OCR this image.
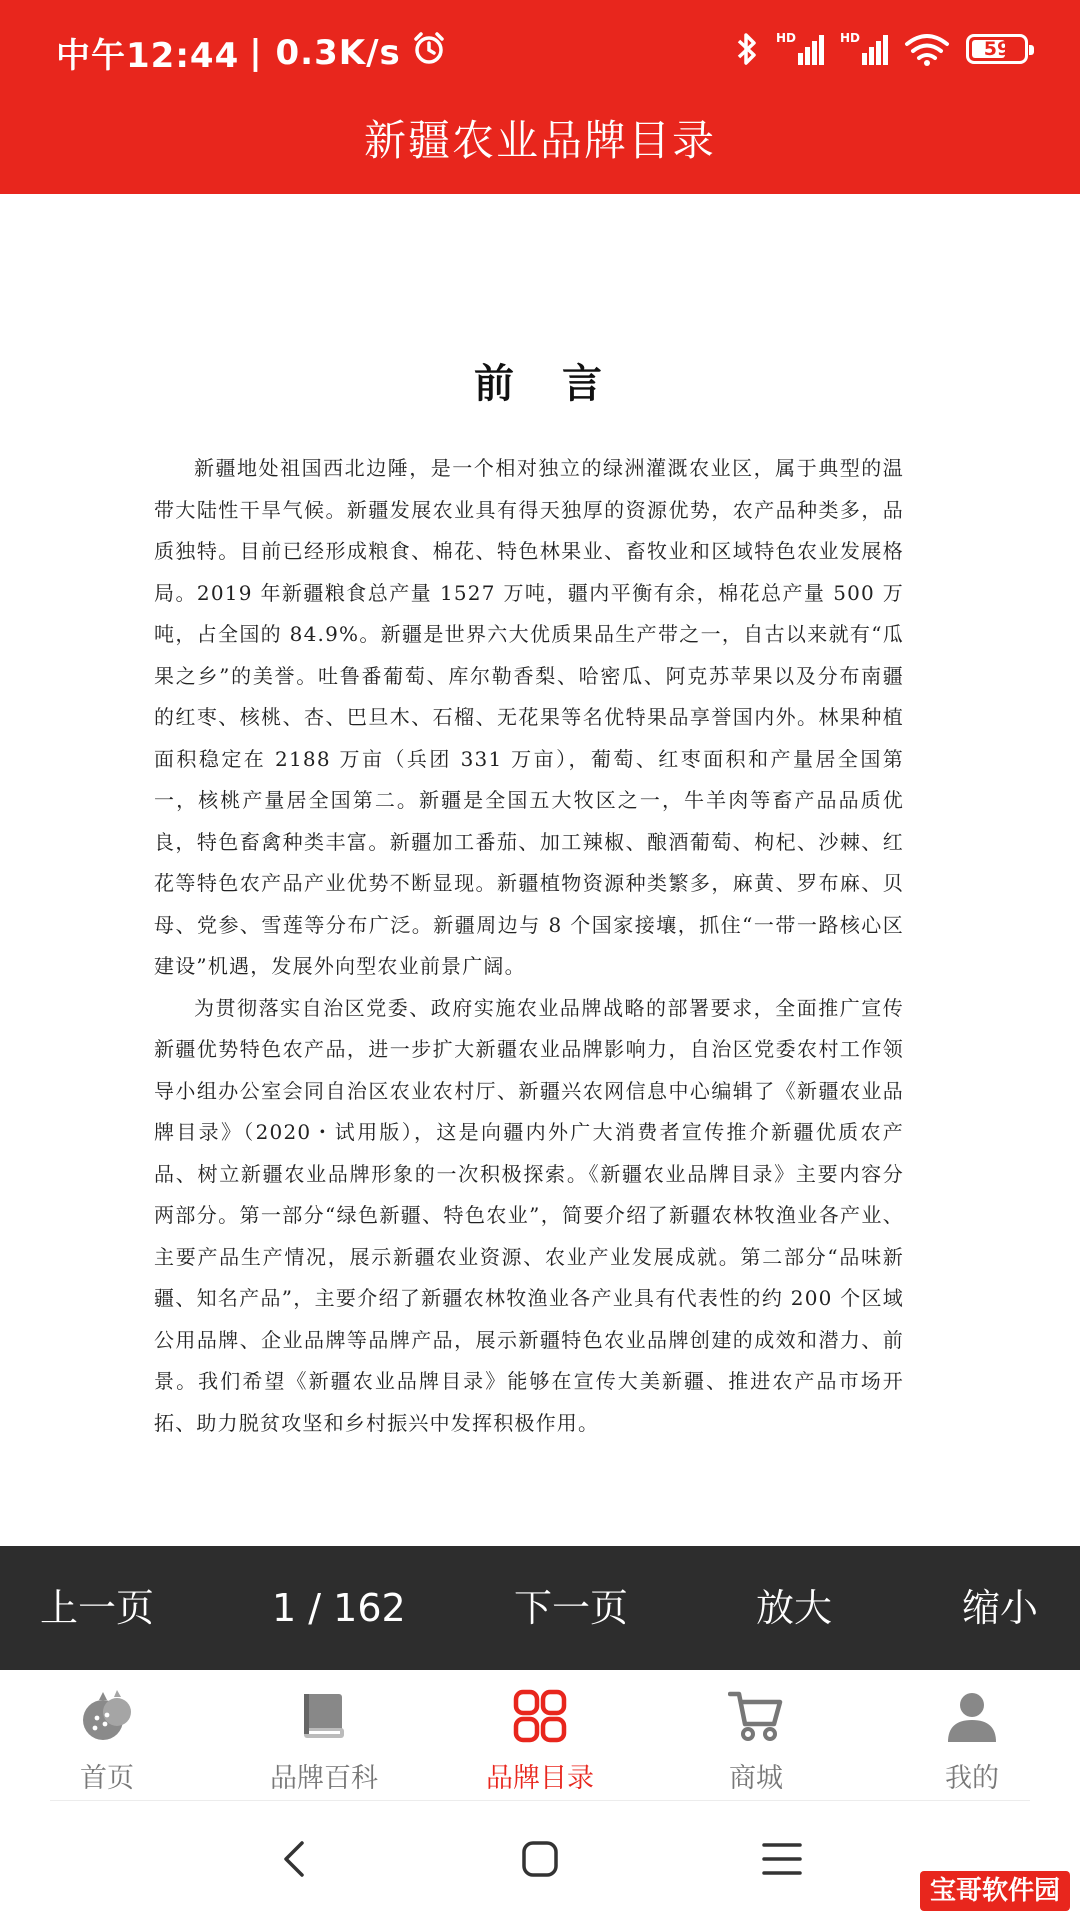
中午12:44 | 0.3K/s	HD	HD	59
新疆农业品牌目录
前 言

新疆地处祖国西北边陲，是一个相对独立的绿洲灌溉农业区，属于典型的温带大陆性干旱气候。新疆发展农业具有得天独厚的资源优势，农产品种类多，品质独特。目前已经形成粮食、棉花、特色林果业、畜牧业和区域特色农业发展格局。2019 年新疆粮食总产量 1527 万吨，疆内平衡有余，棉花总产量 500 万吨，占全国的 84.9%。新疆是世界六大优质果品生产带之一，自古以来就有“瓜果之乡”的美誉。吐鲁番葡萄、库尔勒香梨、哈密瓜、阿克苏苹果以及分布南疆的红枣、核桃、杏、巴旦木、石榴、无花果等名优特果品享誉国内外。林果种植面积稳定在 2188 万亩（兵团 331 万亩），葡萄、红枣面积和产量居全国第一，核桃产量居全国第二。新疆是全国五大牧区之一，牛羊肉等畜产品品质优良，特色畜禽种类丰富。新疆加工番茄、加工辣椒、酿酒葡萄、枸杞、沙棘、红花等特色农产品产业优势不断显现。新疆植物资源种类繁多，麻黄、罗布麻、贝母、党参、雪莲等分布广泛。新疆周边与 8 个国家接壤，抓住“一带一路核心区建设”机遇，发展外向型农业前景广阔。

为贯彻落实自治区党委、政府实施农业品牌战略的部署要求，全面推广宣传新疆优势特色农产品，进一步扩大新疆农业品牌影响力，自治区党委农村工作领导小组办公室会同自治区农业农村厅、新疆兴农网信息中心编辑了《新疆农业品牌目录》（2020・试用版），这是向疆内外广大消费者宣传推介新疆优质农产品、树立新疆农业品牌形象的一次积极探索。《新疆农业品牌目录》主要内容分两部分。第一部分“绿色新疆、特色农业”，简要介绍了新疆农林牧渔业各产业、主要产品生产情况，展示新疆农业资源、农业产业发展成就。第二部分“品味新疆、知名产品”，主要介绍了新疆农林牧渔业各产业具有代表性的约 200 个区域公用品牌、企业品牌等品牌产品，展示新疆特色农业品牌创建的成效和潜力、前景。我们希望《新疆农业品牌目录》能够在宣传大美新疆、推进农产品市场开拓、助力脱贫攻坚和乡村振兴中发挥积极作用。

上一页	1 / 162	下一页	放大	缩小
首页	品牌百科	品牌目录	商城	我的
宝哥软件园
